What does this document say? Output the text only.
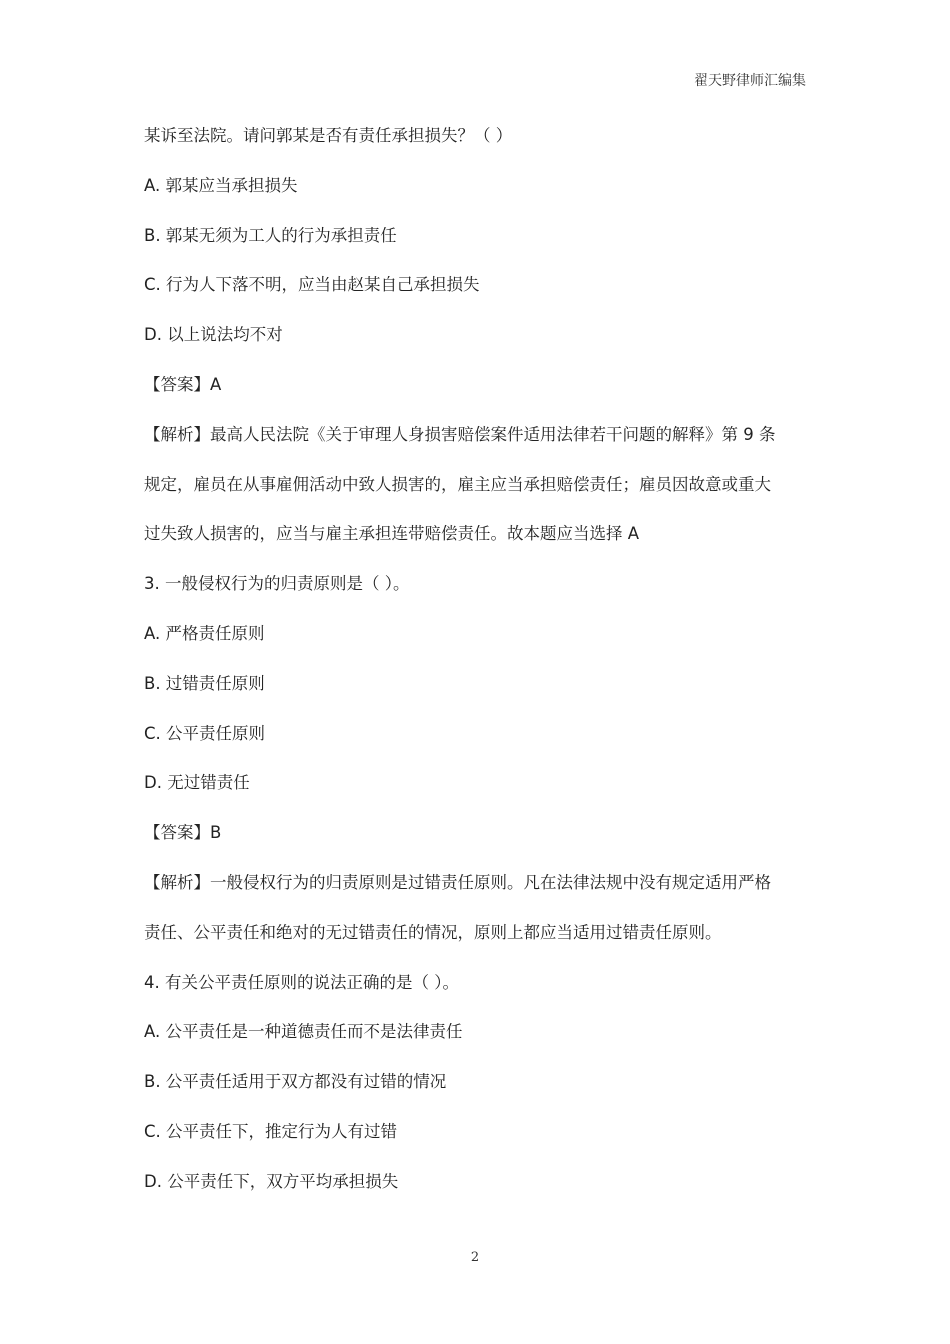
翟天野律师汇编集
某诉至法院。请问郭某是否有责任承担损失？（ ）
A. 郭某应当承担损失
B. 郭某无须为工人的行为承担责任
C. 行为人下落不明，应当由赵某自己承担损失
D. 以上说法均不对
【答案】A
【解析】最高人民法院《关于审理人身损害赔偿案件适用法律若干问题的解释》第 9 条
规定，雇员在从事雇佣活动中致人损害的，雇主应当承担赔偿责任；雇员因故意或重大
过失致人损害的，应当与雇主承担连带赔偿责任。故本题应当选择 A
3. 一般侵权行为的归责原则是（ ）。
A. 严格责任原则
B. 过错责任原则
C. 公平责任原则
D. 无过错责任
【答案】B
【解析】一般侵权行为的归责原则是过错责任原则。凡在法律法规中没有规定适用严格
责任、公平责任和绝对的无过错责任的情况，原则上都应当适用过错责任原则。
4. 有关公平责任原则的说法正确的是（ ）。
A. 公平责任是一种道德责任而不是法律责任
B. 公平责任适用于双方都没有过错的情况
C. 公平责任下，推定行为人有过错
D. 公平责任下，双方平均承担损失
2
